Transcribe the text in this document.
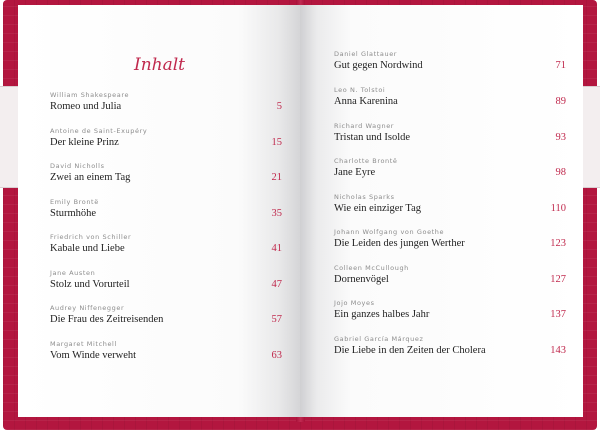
Inhalt
William Shakespeare
Romeo und Julia	5
Antoine de Saint-Exupéry
Der kleine Prinz	15
David Nicholls
Zwei an einem Tag	21
Emily Brontë
Sturmhöhe	35
Friedrich von Schiller
Kabale und Liebe	41
Jane Austen
Stolz und Vorurteil	47
Audrey Niffenegger
Die Frau des Zeitreisenden	57
Margaret Mitchell
Vom Winde verweht	63
Daniel Glattauer
Gut gegen Nordwind	71
Leo N. Tolstoi
Anna Karenina	89
Richard Wagner
Tristan und Isolde	93
Charlotte Brontë
Jane Eyre	98
Nicholas Sparks
Wie ein einziger Tag	110
Johann Wolfgang von Goethe
Die Leiden des jungen Werther	123
Colleen McCullough
Dornenvögel	127
Jojo Moyes
Ein ganzes halbes Jahr	137
Gabriel García Márquez
Die Liebe in den Zeiten der Cholera	143
